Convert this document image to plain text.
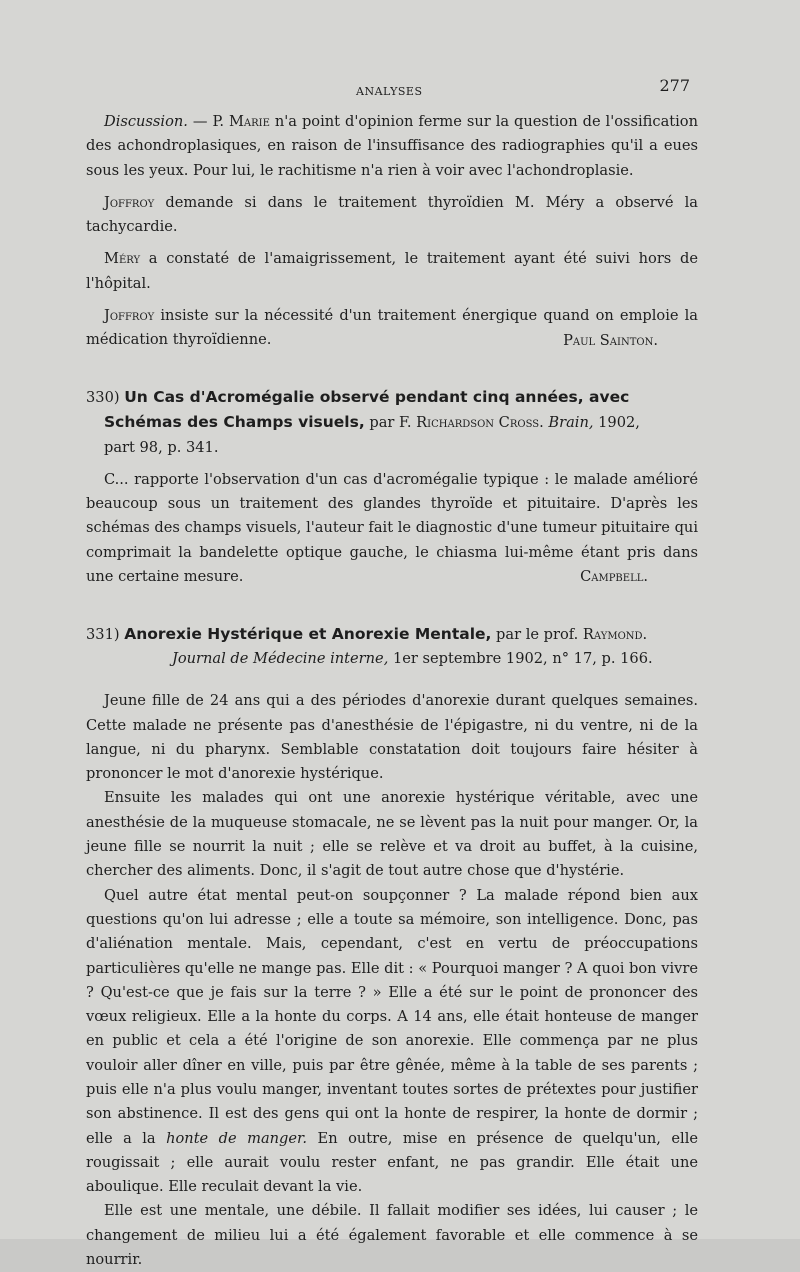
ANALYSES	277

Discussion. — P. Marie n'a point d'opinion ferme sur la question de l'ossification des achondroplasiques, en raison de l'insuffisance des radiographies qu'il a eues sous les yeux. Pour lui, le rachitisme n'a rien à voir avec l'achondroplasie.

Joffroy demande si dans le traitement thyroïdien M. Méry a observé la tachycardie.

Méry a constaté de l'amaigrissement, le traitement ayant été suivi hors de l'hôpital.

Joffroy insiste sur la nécessité d'un traitement énergique quand on emploie la médication thyroïdienne.	Paul Sainton.

330) Un Cas d'Acromégalie observé pendant cinq années, avec

Schémas des Champs visuels, par F. Richardson Cross. Brain, 1902,

part 98, p. 341.

C... rapporte l'observation d'un cas d'acromégalie typique : le malade amélioré beaucoup sous un traitement des glandes thyroïde et pituitaire. D'après les schémas des champs visuels, l'auteur fait le diagnostic d'une tumeur pituitaire qui comprimait la bandelette optique gauche, le chiasma lui-même étant pris dans une certaine mesure.	Campbell.

331) Anorexie Hystérique et Anorexie Mentale, par le prof. Raymond.

Journal de Médecine interne, 1er septembre 1902, n° 17, p. 166.

Jeune fille de 24 ans qui a des périodes d'anorexie durant quelques semaines. Cette malade ne présente pas d'anesthésie de l'épigastre, ni du ventre, ni de la langue, ni du pharynx. Semblable constatation doit toujours faire hésiter à prononcer le mot d'anorexie hystérique.

Ensuite les malades qui ont une anorexie hystérique véritable, avec une anesthésie de la muqueuse stomacale, ne se lèvent pas la nuit pour manger. Or, la jeune fille se nourrit la nuit ; elle se relève et va droit au buffet, à la cuisine, chercher des aliments. Donc, il s'agit de tout autre chose que d'hystérie.

Quel autre état mental peut-on soupçonner ? La malade répond bien aux questions qu'on lui adresse ; elle a toute sa mémoire, son intelligence. Donc, pas d'aliénation mentale. Mais, cependant, c'est en vertu de préoccupations particulières qu'elle ne mange pas. Elle dit : « Pourquoi manger ? A quoi bon vivre ? Qu'est-ce que je fais sur la terre ? » Elle a été sur le point de prononcer des vœux religieux. Elle a la honte du corps. A 14 ans, elle était honteuse de manger en public et cela a été l'origine de son anorexie. Elle commença par ne plus vouloir aller dîner en ville, puis par être gênée, même à la table de ses parents ; puis elle n'a plus voulu manger, inventant toutes sortes de prétextes pour justifier son abstinence. Il est des gens qui ont la honte de respirer, la honte de dormir ; elle a la honte de manger. En outre, mise en présence de quelqu'un, elle rougissait ; elle aurait voulu rester enfant, ne pas grandir. Elle était une aboulique. Elle reculait devant la vie.

Elle est une mentale, une débile. Il fallait modifier ses idées, lui causer ; le changement de milieu lui a été également favorable et elle commence à se nourrir.
